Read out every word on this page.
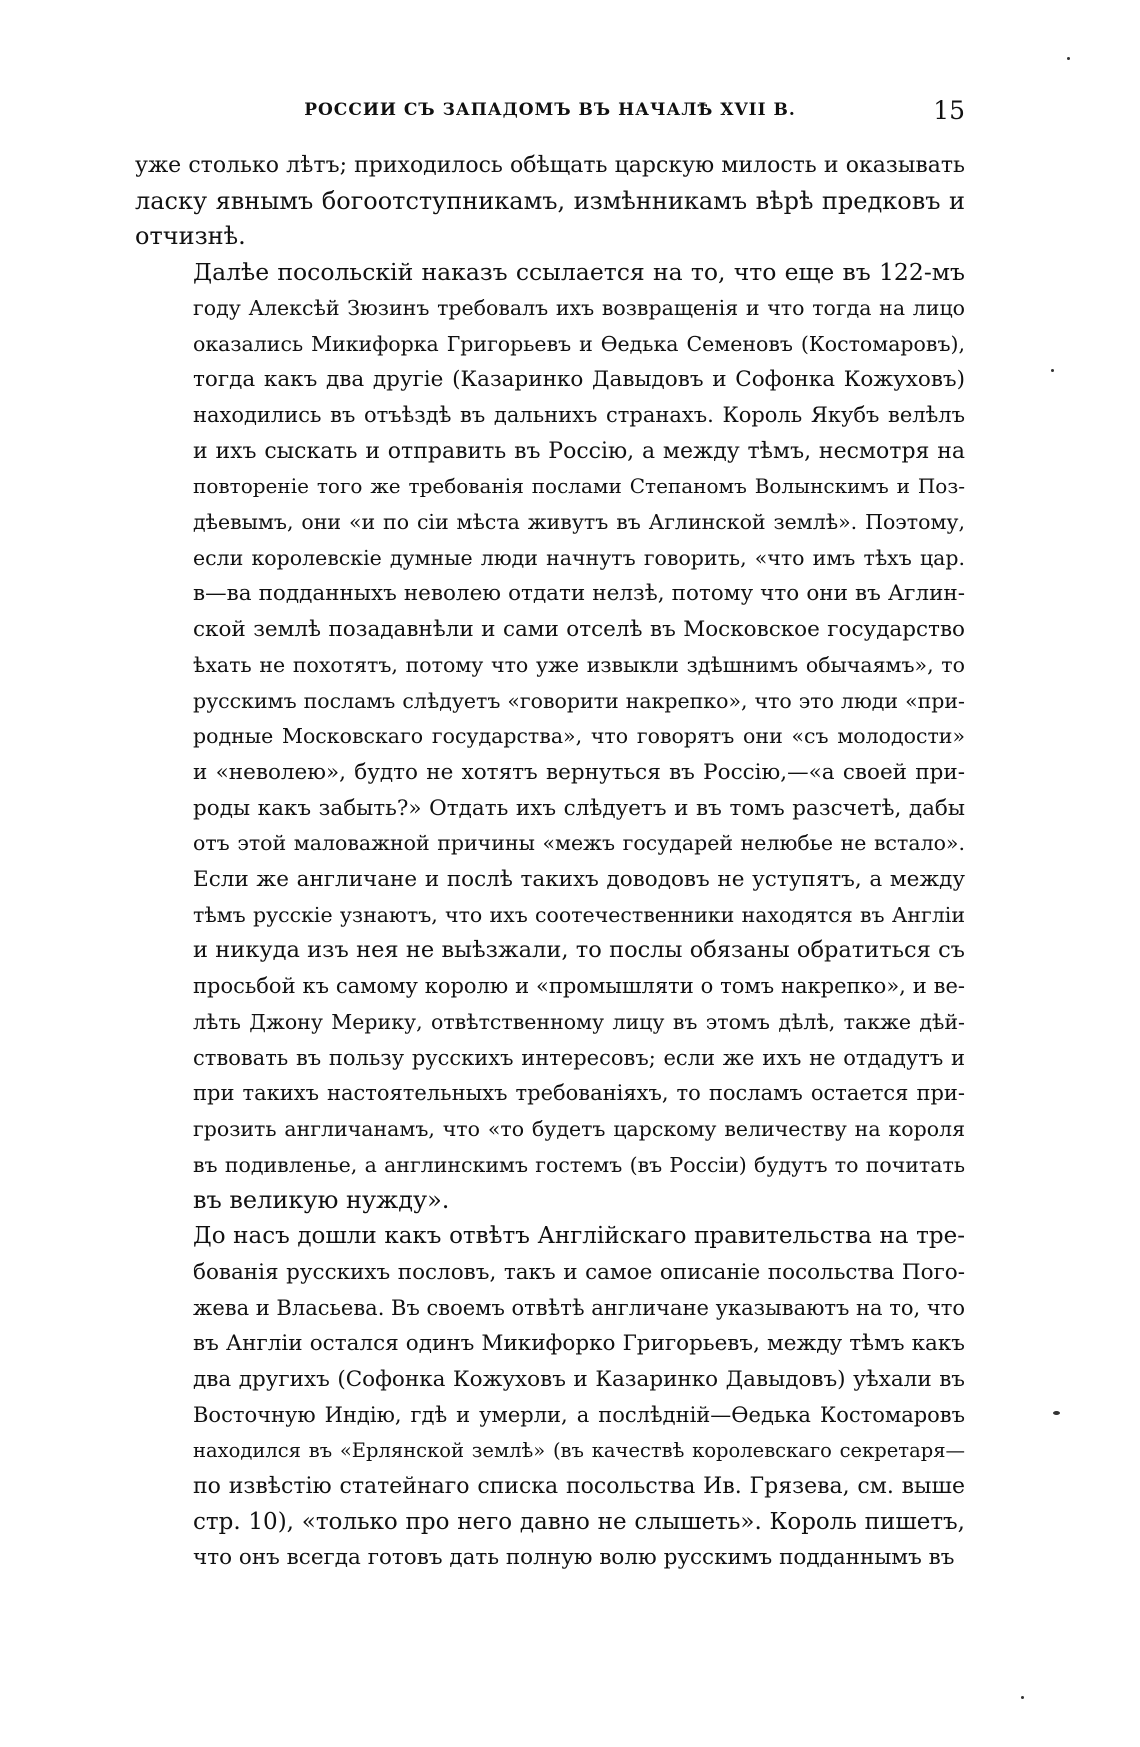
РОССИИ СЪ ЗАПАДОМЪ ВЪ НАЧАЛѢ XVII В.	15

уже столько лѣтъ; приходилось обѣщать царскую милость и оказывать
ласку явнымъ богоотступникамъ, измѣнникамъ вѣрѣ предковъ и
отчизнѣ.

Далѣе посольскій наказъ ссылается на то, что еще въ 122-мъ
году Алексѣй Зюзинъ требовалъ ихъ возвращенія и что тогда на лицо
оказались Микифорка Григорьевъ и Өедька Семеновъ (Костомаровъ),
тогда какъ два другіе (Казаринко Давыдовъ и Софонка Кожуховъ)
находились въ отъѣздѣ въ дальнихъ странахъ. Король Якубъ велѣлъ
и ихъ сыскать и отправить въ Россію, а между тѣмъ, несмотря на
повтореніе того же требованія послами Степаномъ Волынскимъ и Поз-
дѣевымъ, они «и по сіи мѣста живутъ въ Аглинской землѣ». Поэтому,
если королевскіе думные люди начнутъ говорить, «что имъ тѣхъ цар.
в—ва подданныхъ неволею отдати нелзѣ, потому что они въ Аглин-
ской землѣ позадавнѣли и сами отселѣ въ Московское государство
ѣхать не похотятъ, потому что уже извыкли здѣшнимъ обычаямъ», то
русскимъ посламъ слѣдуетъ «говорити накрепко», что это люди «при-
родные Московскаго государства», что говорятъ они «съ молодости»
и «неволею», будто не хотятъ вернуться въ Россію,—«а своей при-
роды какъ забыть?» Отдать ихъ слѣдуетъ и въ томъ разсчетѣ, дабы
отъ этой маловажной причины «межъ государей нелюбье не встало».
Если же англичане и послѣ такихъ доводовъ не уступятъ, а между
тѣмъ русскіе узнаютъ, что ихъ соотечественники находятся въ Англіи
и никуда изъ нея не выѣзжали, то послы обязаны обратиться съ
просьбой къ самому королю и «промышляти о томъ накрепко», и ве-
лѣть Джону Мерику, отвѣтственному лицу въ этомъ дѣлѣ, также дѣй-
ствовать въ пользу русскихъ интересовъ; если же ихъ не отдадутъ и
при такихъ настоятельныхъ требованіяхъ, то посламъ остается при-
грозить англичанамъ, что «то будетъ царскому величеству на короля
въ подивленье, а англинскимъ гостемъ (въ Россіи) будутъ то почитать
въ великую нужду».

До насъ дошли какъ отвѣтъ Англійскаго правительства на тре-
бованія русскихъ пословъ, такъ и самое описаніе посольства Пого-
жева и Власьева. Въ своемъ отвѣтѣ англичане указываютъ на то, что
въ Англіи остался одинъ Микифорко Григорьевъ, между тѣмъ какъ
два другихъ (Софонка Кожуховъ и Казаринко Давыдовъ) уѣхали въ
Восточную Индію, гдѣ и умерли, а послѣдній—Өедька Костомаровъ
находился въ «Ерлянской землѣ» (въ качествѣ королевскаго секретаря—
по извѣстію статейнаго списка посольства Ив. Грязева, см. выше
стр. 10), «только про него давно не слышеть». Король пишетъ,
что онъ всегда готовъ дать полную волю русскимъ подданнымъ въ
